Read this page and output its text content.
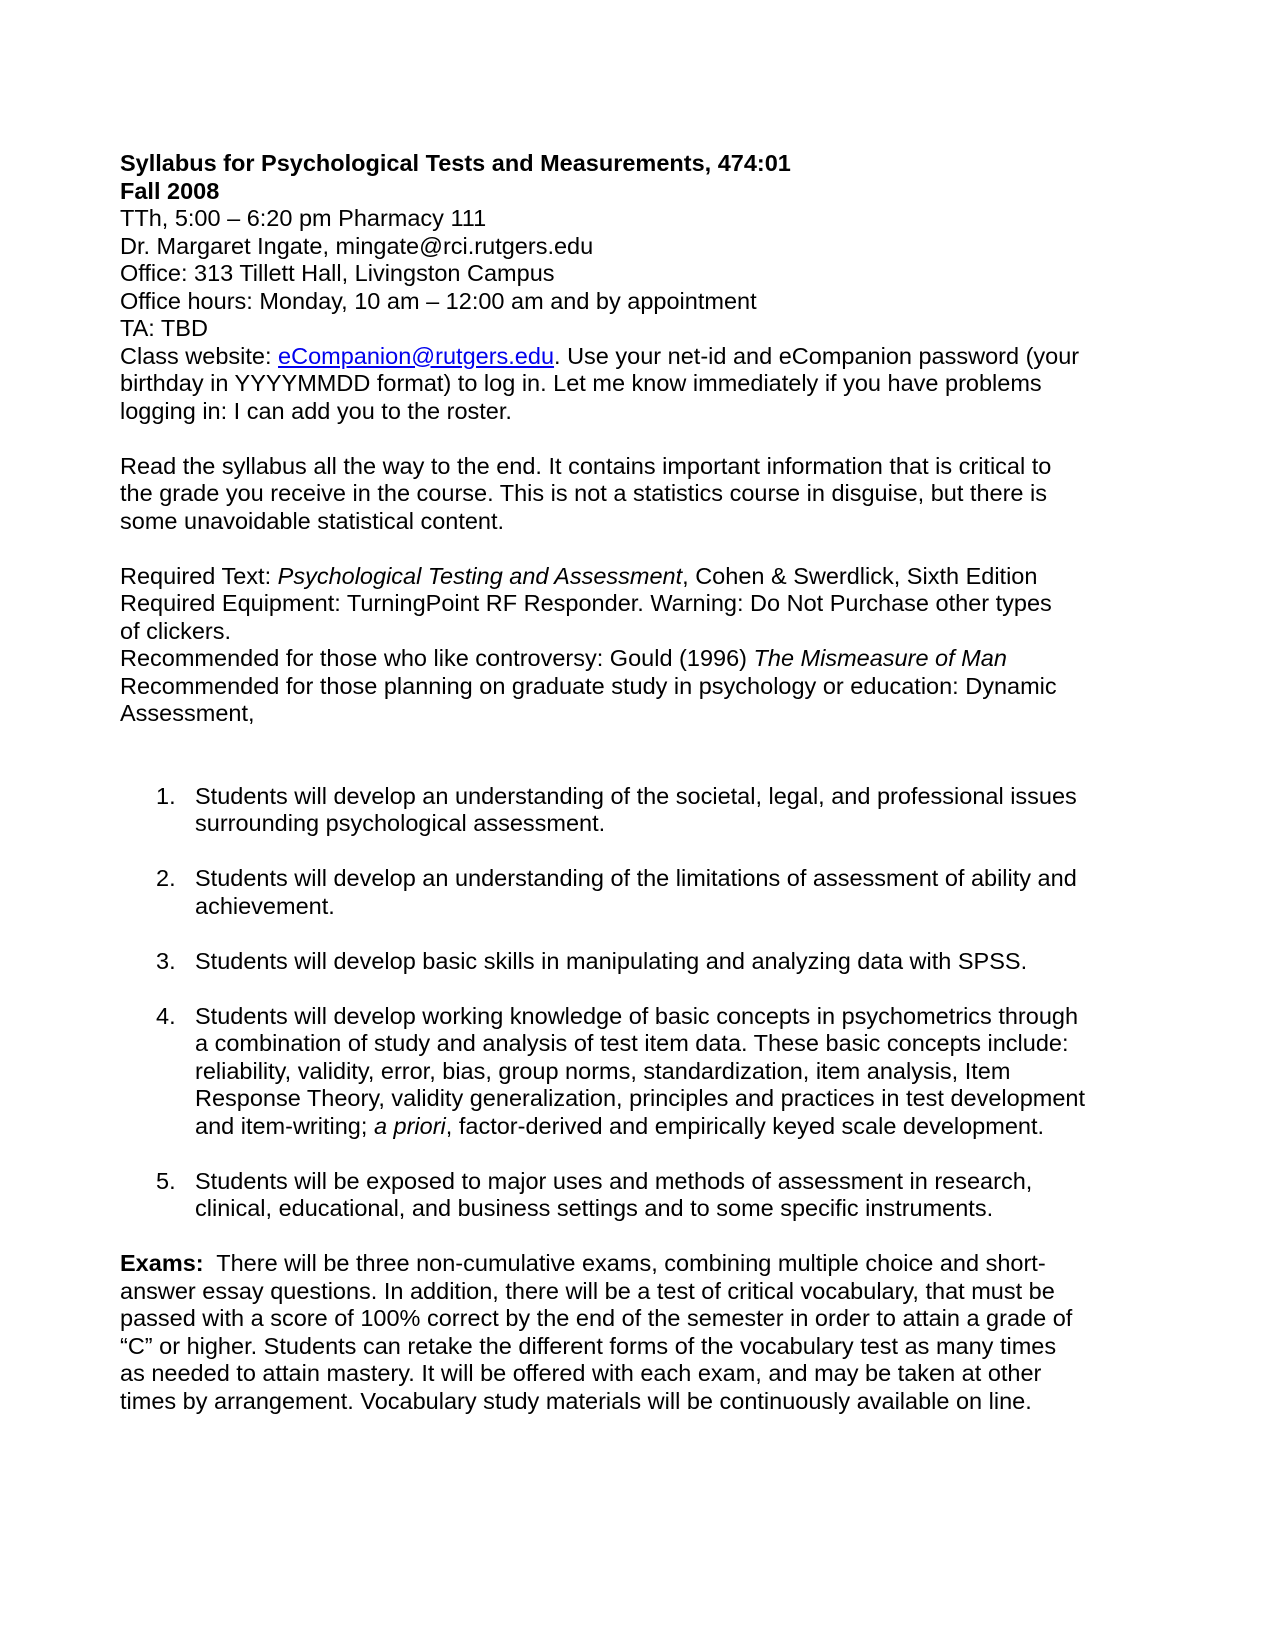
Syllabus for Psychological Tests and Measurements, 474:01
Fall 2008
TTh, 5:00 – 6:20 pm Pharmacy 111
Dr. Margaret Ingate, mingate@rci.rutgers.edu
Office: 313 Tillett Hall, Livingston Campus
Office hours: Monday, 10 am – 12:00 am and by appointment
TA: TBD
Class website: eCompanion@rutgers.edu. Use your net-id and eCompanion password (your
birthday in YYYYMMDD format) to log in. Let me know immediately if you have problems
logging in: I can add you to the roster.
Read the syllabus all the way to the end. It contains important information that is critical to
the grade you receive in the course. This is not a statistics course in disguise, but there is
some unavoidable statistical content.
Required Text: Psychological Testing and Assessment, Cohen & Swerdlick, Sixth Edition
Required Equipment: TurningPoint RF Responder. Warning: Do Not Purchase other types
of clickers.
Recommended for those who like controversy: Gould (1996) The Mismeasure of Man
Recommended for those planning on graduate study in psychology or education: Dynamic
Assessment,
1. Students will develop an understanding of the societal, legal, and professional issues
surrounding psychological assessment.
2. Students will develop an understanding of the limitations of assessment of ability and
achievement.
3. Students will develop basic skills in manipulating and analyzing data with SPSS.
4. Students will develop working knowledge of basic concepts in psychometrics through
a combination of study and analysis of test item data. These basic concepts include:
reliability, validity, error, bias, group norms, standardization, item analysis, Item
Response Theory, validity generalization, principles and practices in test development
and item-writing; a priori, factor-derived and empirically keyed scale development.
5. Students will be exposed to major uses and methods of assessment in research,
clinical, educational, and business settings and to some specific instruments.
Exams:  There will be three non-cumulative exams, combining multiple choice and short-
answer essay questions. In addition, there will be a test of critical vocabulary, that must be
passed with a score of 100% correct by the end of the semester in order to attain a grade of
“C” or higher. Students can retake the different forms of the vocabulary test as many times
as needed to attain mastery. It will be offered with each exam, and may be taken at other
times by arrangement. Vocabulary study materials will be continuously available on line.
